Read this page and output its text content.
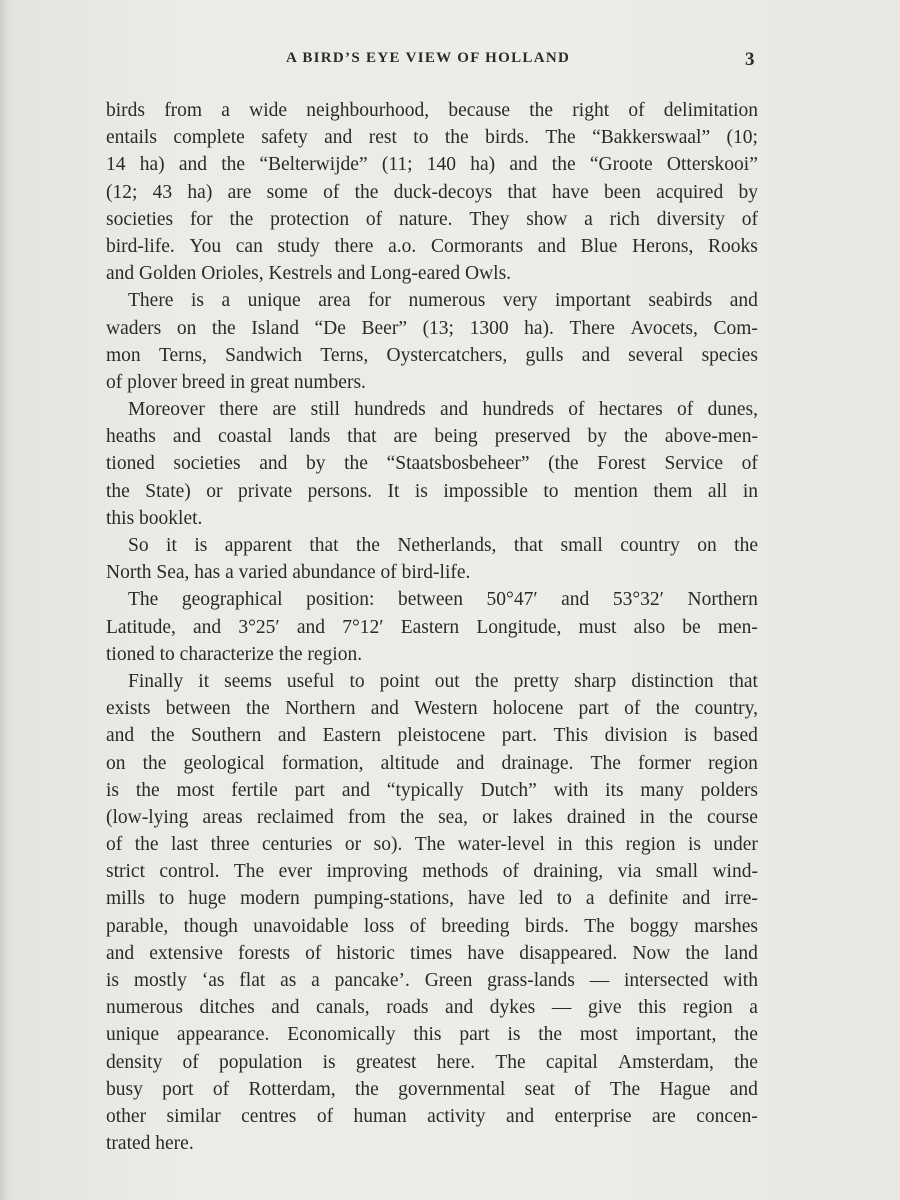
A BIRD’S EYE VIEW OF HOLLAND	3
birds from a wide neighbourhood, because the right of delimitation
entails complete safety and rest to the birds. The “Bakkerswaal” (10;
14 ha) and the “Belterwijde” (11; 140 ha) and the “Groote Otterskooi”
(12; 43 ha) are some of the duck-decoys that have been acquired by
societies for the protection of nature. They show a rich diversity of
bird-life. You can study there a.o. Cormorants and Blue Herons, Rooks
and Golden Orioles, Kestrels and Long-eared Owls.
There is a unique area for numerous very important seabirds and
waders on the Island “De Beer” (13; 1300 ha). There Avocets, Com-
mon Terns, Sandwich Terns, Oystercatchers, gulls and several species
of plover breed in great numbers.
Moreover there are still hundreds and hundreds of hectares of dunes,
heaths and coastal lands that are being preserved by the above-men-
tioned societies and by the “Staatsbosbeheer” (the Forest Service of
the State) or private persons. It is impossible to mention them all in
this booklet.
So it is apparent that the Netherlands, that small country on the
North Sea, has a varied abundance of bird-life.
The geographical position: between 50°47′ and 53°32′ Northern
Latitude, and 3°25′ and 7°12′ Eastern Longitude, must also be men-
tioned to characterize the region.
Finally it seems useful to point out the pretty sharp distinction that
exists between the Northern and Western holocene part of the country,
and the Southern and Eastern pleistocene part. This division is based
on the geological formation, altitude and drainage. The former region
is the most fertile part and “typically Dutch” with its many polders
(low-lying areas reclaimed from the sea, or lakes drained in the course
of the last three centuries or so). The water-level in this region is under
strict control. The ever improving methods of draining, via small wind-
mills to huge modern pumping-stations, have led to a definite and irre-
parable, though unavoidable loss of breeding birds. The boggy marshes
and extensive forests of historic times have disappeared. Now the land
is mostly ‘as flat as a pancake’. Green grass-lands — intersected with
numerous ditches and canals, roads and dykes — give this region a
unique appearance. Economically this part is the most important, the
density of population is greatest here. The capital Amsterdam, the
busy port of Rotterdam, the governmental seat of The Hague and
other similar centres of human activity and enterprise are concen-
trated here.
